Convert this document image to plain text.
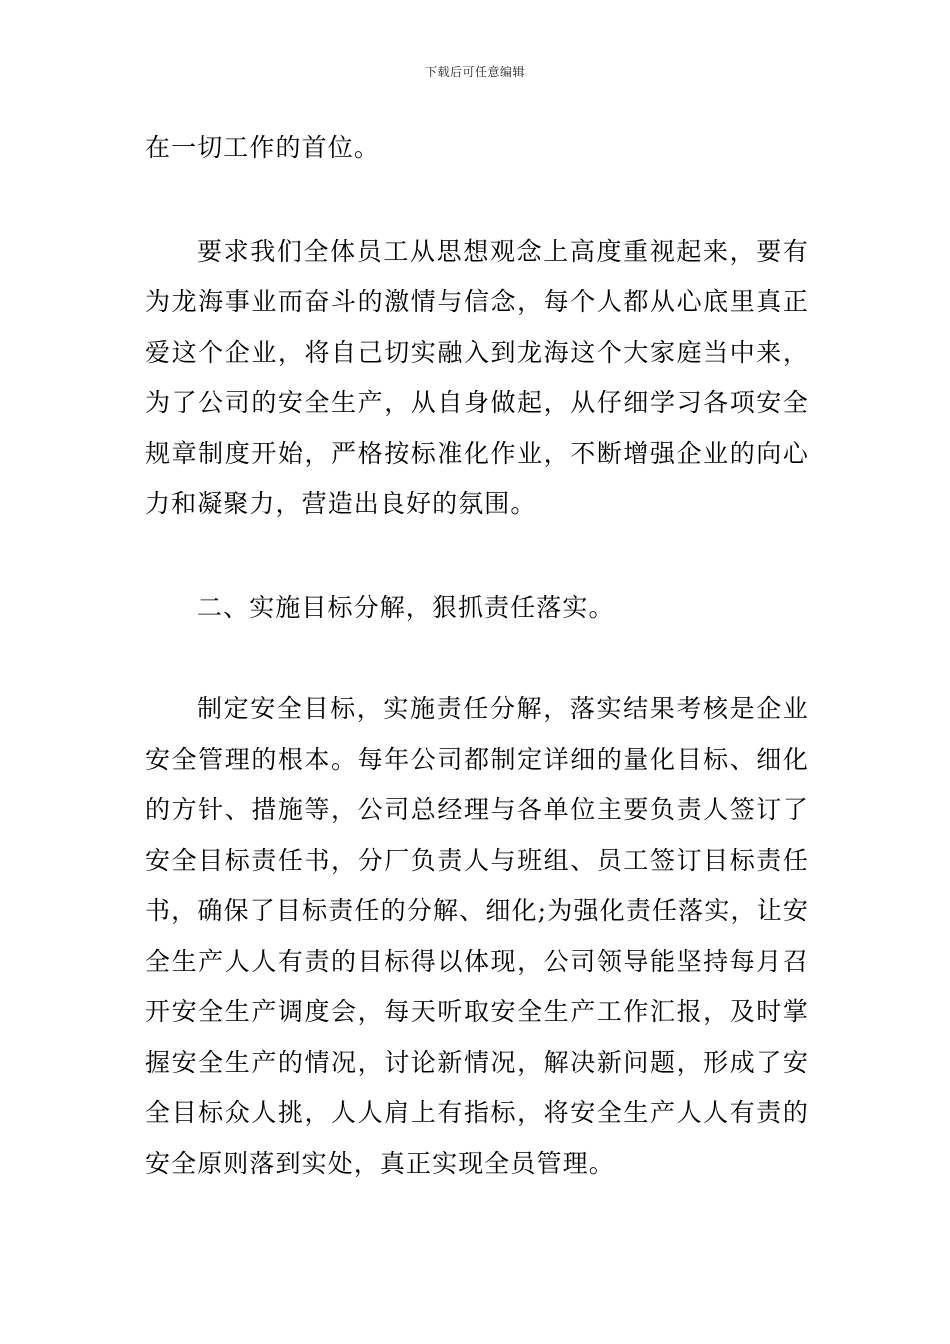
下载后可任意编辑

在一切工作的首位。

要求我们全体员工从思想观念上高度重视起来，要有为龙海事业而奋斗的激情与信念，每个人都从心底里真正爱这个企业，将自己切实融入到龙海这个大家庭当中来，为了公司的安全生产，从自身做起，从仔细学习各项安全规章制度开始，严格按标准化作业，不断增强企业的向心力和凝聚力，营造出良好的氛围。

二、实施目标分解，狠抓责任落实。

制定安全目标，实施责任分解，落实结果考核是企业安全管理的根本。每年公司都制定详细的量化目标、细化的方针、措施等，公司总经理与各单位主要负责人签订了安全目标责任书，分厂负责人与班组、员工签订目标责任书，确保了目标责任的分解、细化;为强化责任落实，让安全生产人人有责的目标得以体现，公司领导能坚持每月召开安全生产调度会，每天听取安全生产工作汇报，及时掌握安全生产的情况，讨论新情况，解决新问题，形成了安全目标众人挑，人人肩上有指标，将安全生产人人有责的安全原则落到实处，真正实现全员管理。
